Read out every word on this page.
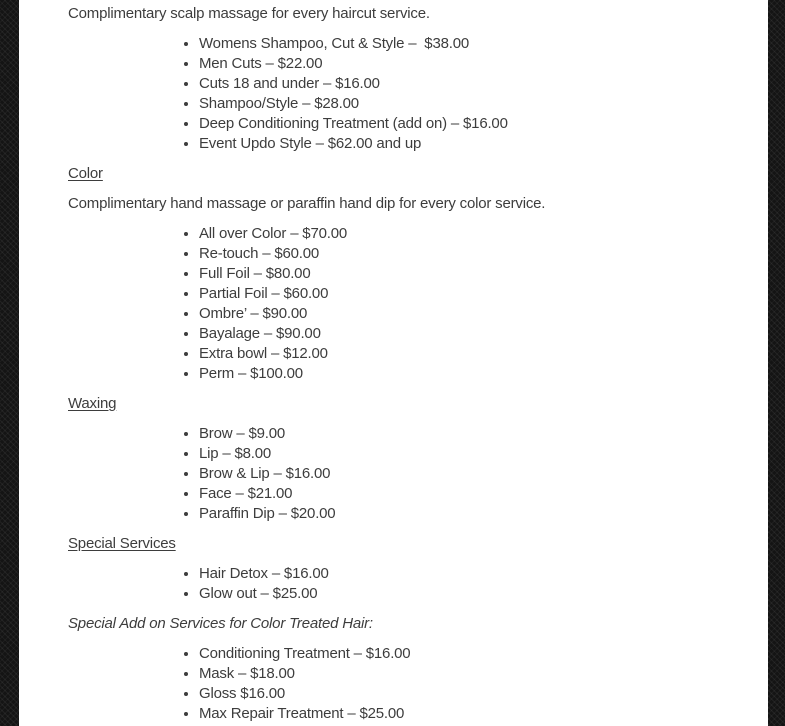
Complimentary scalp massage for every haircut service.

• Womens Shampoo, Cut & Style –  $38.00
• Men Cuts – $22.00
• Cuts 18 and under – $16.00
• Shampoo/Style – $28.00
• Deep Conditioning Treatment (add on) – $16.00
• Event Updo Style – $62.00 and up
Color

Complimentary hand massage or paraffin hand dip for every color service.

• All over Color – $70.00
• Re-touch – $60.00
• Full Foil – $80.00
• Partial Foil – $60.00
• Ombre’ – $90.00
• Bayalage – $90.00
• Extra bowl – $12.00
• Perm – $100.00
Waxing
• Brow – $9.00
• Lip – $8.00
• Brow & Lip – $16.00
• Face – $21.00
• Paraffin Dip – $20.00
Special Services
• Hair Detox – $16.00
• Glow out – $25.00

Special Add on Services for Color Treated Hair:

• Conditioning Treatment – $16.00
• Mask – $18.00
• Gloss $16.00
• Max Repair Treatment – $25.00
